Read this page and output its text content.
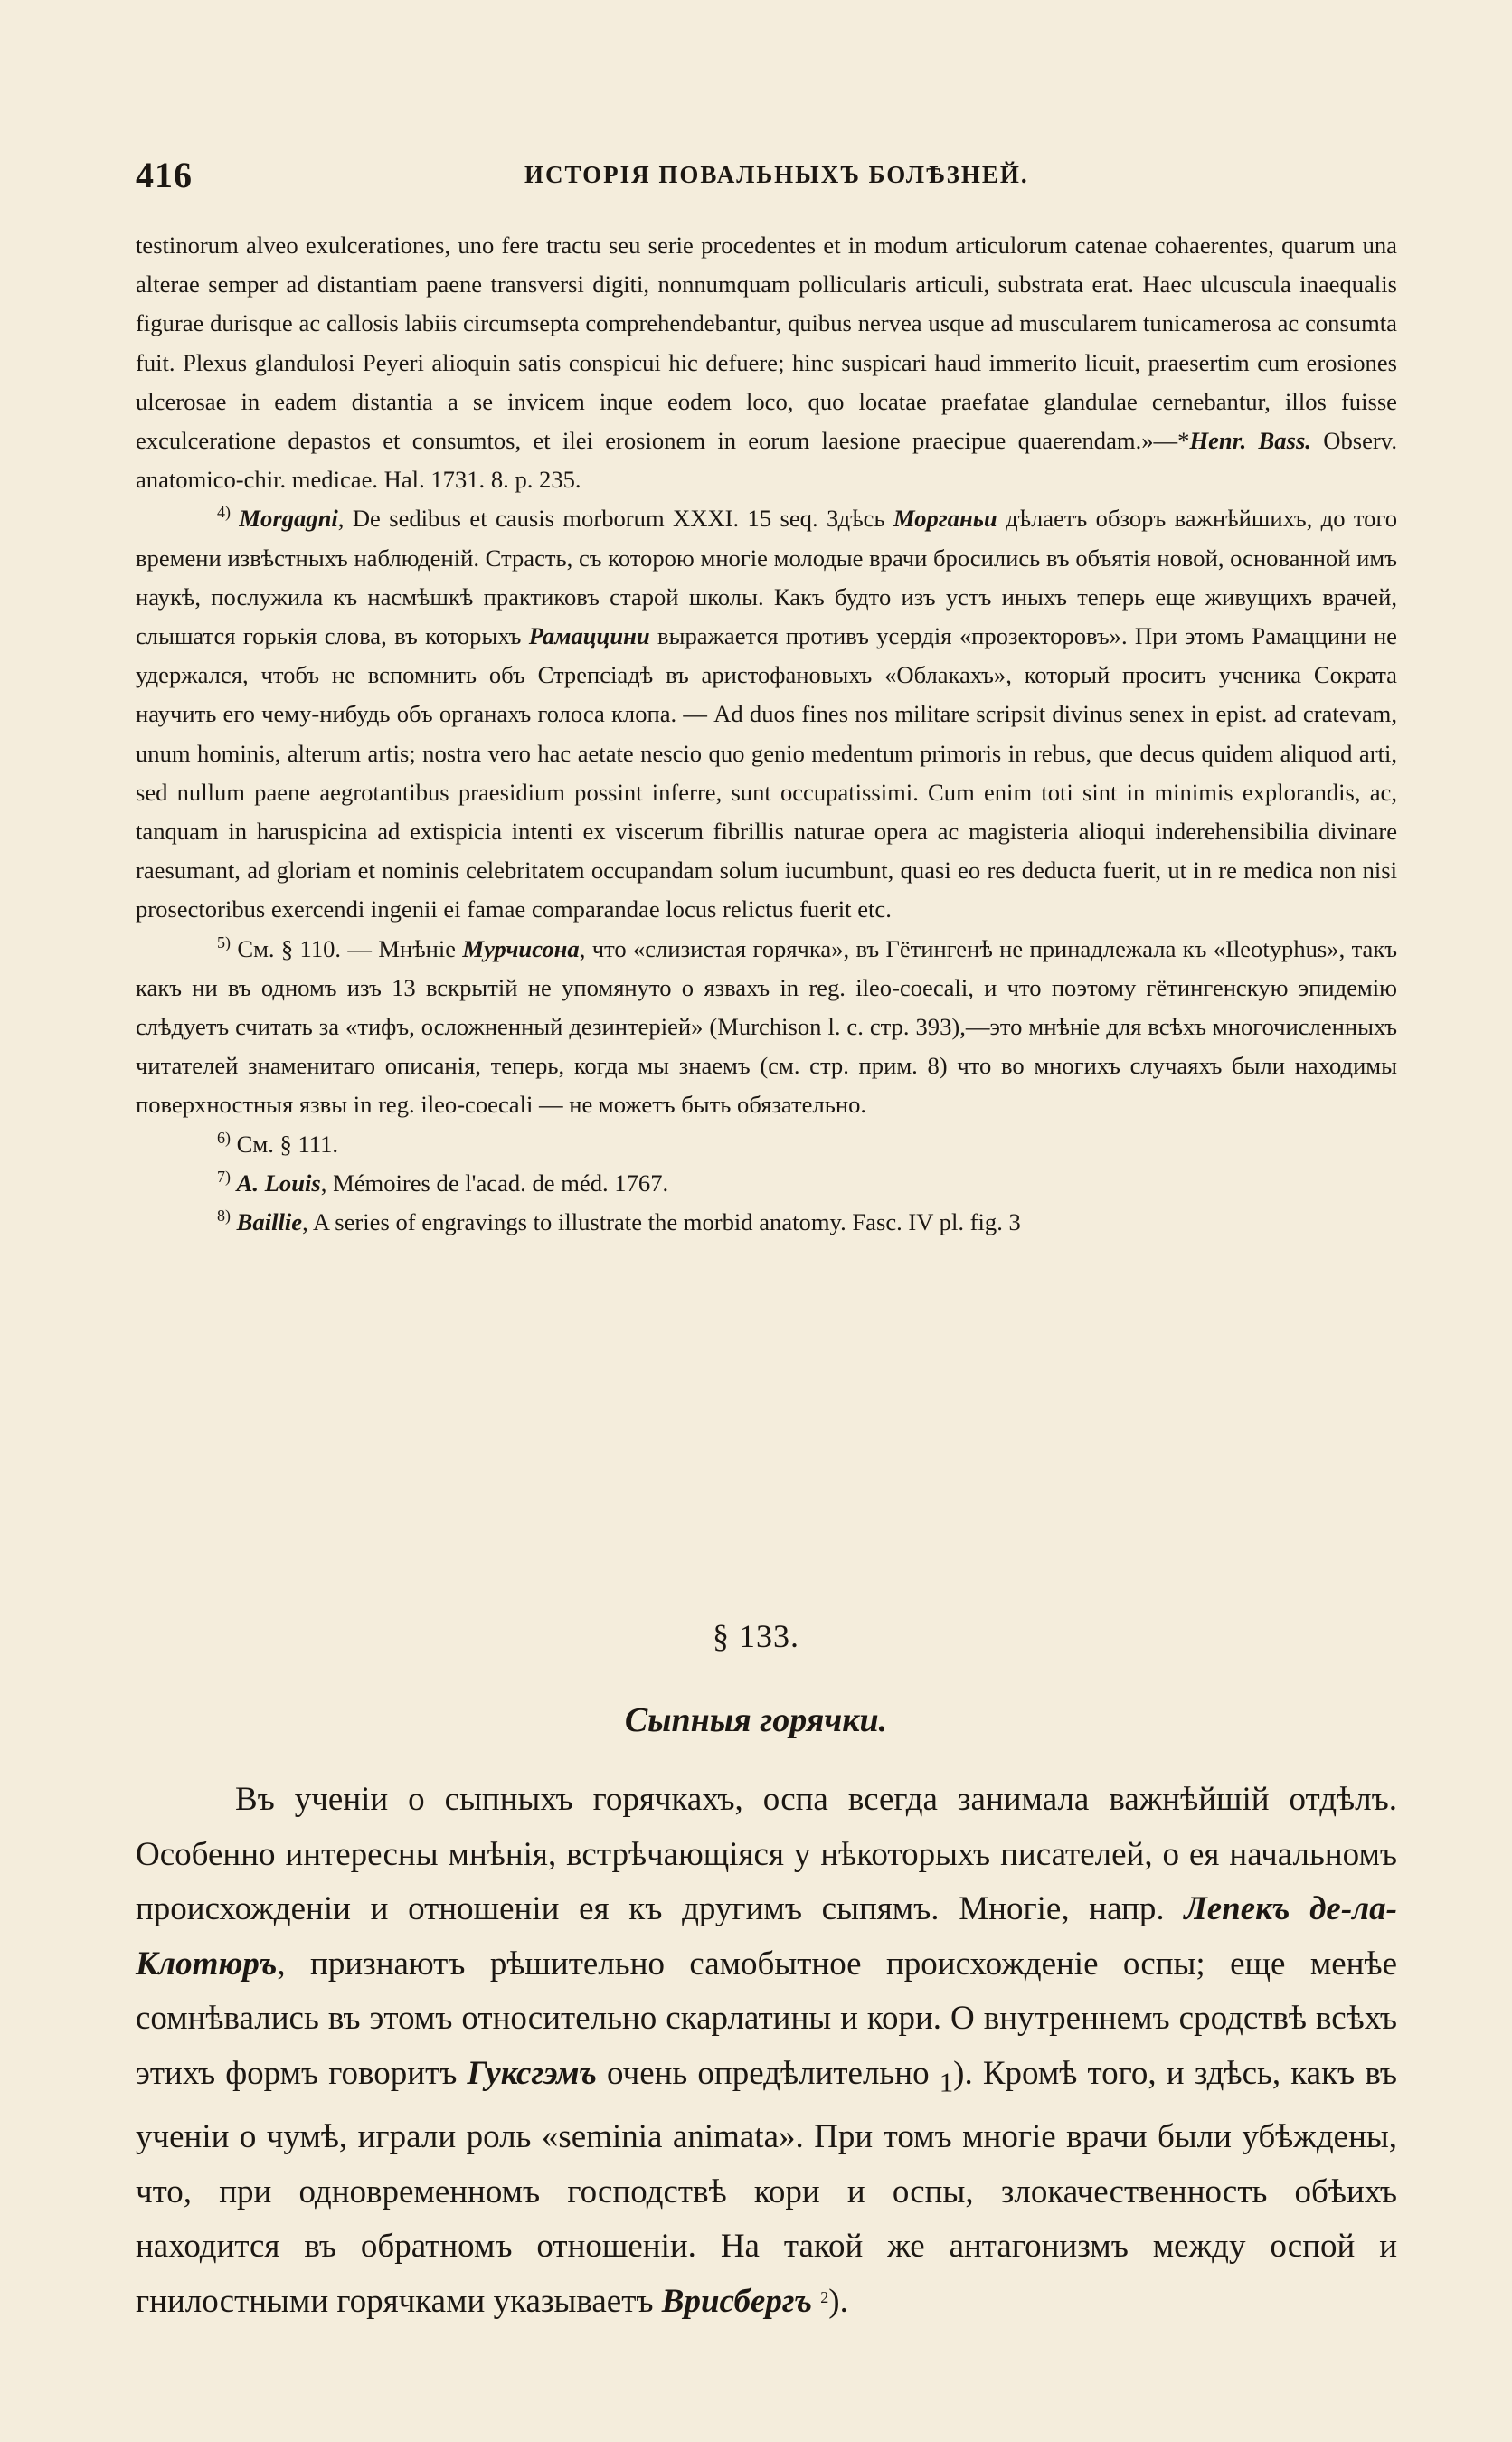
416	ИСТОРІЯ ПОВАЛЬНЫХЪ БОЛѢЗНЕЙ.

testinorum alveo exulcerationes, uno fere tractu seu serie procedentes et in modum articulorum catenae cohaerentes, quarum una alterae semper ad distantiam paene transversi digiti, nonnumquam pollicularis articuli, substrata erat. Haec ulcuscula inaequalis figurae durisque ac callosis labiis circumsepta comprehendebantur, quibus nervea usque ad muscularem tunicamerosa ac consumta fuit. Plexus glandulosi Peyeri alioquin satis conspicui hic defuere; hinc suspicari haud immerito licuit, praesertim cum erosiones ulcerosae in eadem distantia a se invicem inque eodem loco, quo locatae praefatae glandulae cernebantur, illos fuisse exculceratione depastos et consumtos, et ilei erosionem in eorum laesione praecipue quaerendam.»—*Henr. Bass. Observ. anatomico-chir. medicae. Hal. 1731. 8. p. 235.

$^{4)}$ Morgagni, De sedibus et causis morborum XXXI. 15 seq. Здѣсь Морганьи дѣлаетъ обзоръ важнѣйшихъ, до того времени извѣстныхъ наблюденій. Страсть, съ которою многіе молодые врачи бросились въ объятія новой, основанной имъ наукѣ, послужила къ насмѣшкѣ практиковъ старой школы. Какъ будто изъ устъ иныхъ теперь еще живущихъ врачей, слышатся горькія слова, въ которыхъ Рамаццини выражается противъ усердія «прозекторовъ». При этомъ Рамаццини не удержался, чтобъ не вспомнить объ Стрепсіадѣ въ аристофановыхъ «Облакахъ», который проситъ ученика Сократа научить его чему-нибудь объ органахъ голоса клопа. — Ad duos fines nos militare scripsit divinus senex in epist. ad cratevam, unum hominis, alterum artis; nostra vero hac aetate nescio quo genio medentum primoris in rebus, que decus quidem aliquod arti, sed nullum paene aegrotantibus praesidium possint inferre, sunt occupatissimi. Cum enim toti sint in minimis explorandis, ac, tanquam in haruspicina ad extispicia intenti ex viscerum fibrillis naturae opera ac magisteria alioqui inderehensibilia divinare raesumant, ad gloriam et nominis celebritatem occupandam solum iucumbunt, quasi eo res deducta fuerit, ut in re medica non nisi prosectoribus exercendi ingenii ei famae comparandae locus relictus fuerit etc.

$^{5)}$ См. § 110. — Мнѣніе Мурчисона, что «слизистая горячка», въ Гётингенѣ не принадлежала къ «Ileotyphus», такъ какъ ни въ одномъ изъ 13 вскрытій не упомянуто о язвахъ in reg. ileo-coecali, и что поэтому гётингенскую эпидемію слѣдуетъ считать за «тифъ, осложненный дезинтеріей» (Murchison l. c. стр. 393),—это мнѣніе для всѣхъ многочисленныхъ читателей знаменитаго описанія, теперь, когда мы знаемъ (см. стр. прим. 8) что во многихъ случаяхъ были находимы поверхностныя язвы in reg. ileo-coecali — не можетъ быть обязательно.

$^{6)}$ См. § 111.

$^{7)}$ A. Louis, Mémoires de l'acad. de méd. 1767.

$^{8)}$ Baillie, A series of engravings to illustrate the morbid anatomy. Fasc. IV pl. fig. 3

§ 133.
Сыпныя горячки.

Въ ученіи о сыпныхъ горячкахъ, оспа всегда занимала важнѣйшій отдѣлъ. Особенно интересны мнѣнія, встрѣчающіяся у нѣкоторыхъ писателей, о ея начальномъ происхожденіи и отношеніи ея къ другимъ сыпямъ. Многіе, напр. Лепекъ де-ла-Клотюръ, признаютъ рѣшительно самобытное происхожденіе оспы; еще менѣе сомнѣвались въ этомъ относительно скарлатины и кори. О внутреннемъ сродствѣ всѣхъ этихъ формъ говоритъ Гуксгэмъ очень опредѣлительно $_1$). Кромѣ того, и здѣсь, какъ въ ученіи о чумѣ, играли роль «seminia animata». При томъ многіе врачи были убѣждены, что, при одновременномъ господствѣ кори и оспы, злокачественность обѣихъ находится въ обратномъ отношеніи. На такой же антагонизмъ между оспой и гнилостными горячками указываетъ Врисбергъ $^2$).
